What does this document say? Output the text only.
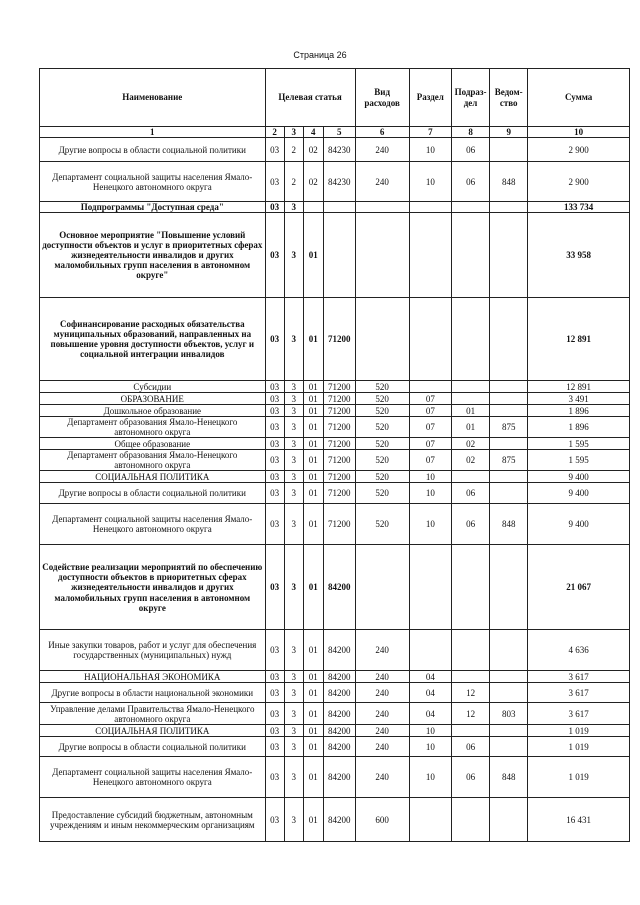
Страница 26
Наименование	Целевая статья				Вид расходов	Раздел	Подраз-дел	Ведом-ство	Сумма
1	2	3	4	5	6	7	8	9	10
Другие вопросы в области социальной политики	03	2	02	84230	240	10	06		2 900
Департамент социальной защиты населения Ямало-Ненецкого автономного округа	03	2	02	84230	240	10	06	848	2 900
Подпрограммы "Доступная среда"	03	3							133 734
Основное мероприятие "Повышение условий доступности объектов и услуг в приоритетных сферах жизнедеятельности инвалидов и других маломобильных групп населения в автономном округе"	03	3	01						33 958
Софинансирование расходных обязательства муниципальных образований, направленных на повышение уровня доступности объектов, услуг и социальной интеграции инвалидов	03	3	01	71200					12 891
Субсидии	03	3	01	71200	520				12 891
ОБРАЗОВАНИЕ	03	3	01	71200	520	07			3 491
Дошкольное образование	03	3	01	71200	520	07	01		1 896
Департамент образования Ямало-Ненецкого автономного округа	03	3	01	71200	520	07	01	875	1 896
Общее образование	03	3	01	71200	520	07	02		1 595
Департамент образования Ямало-Ненецкого автономного округа	03	3	01	71200	520	07	02	875	1 595
СОЦИАЛЬНАЯ ПОЛИТИКА	03	3	01	71200	520	10			9 400
Другие вопросы в области социальной политики	03	3	01	71200	520	10	06		9 400
Департамент социальной защиты населения Ямало-Ненецкого автономного округа	03	3	01	71200	520	10	06	848	9 400
Содействие реализации мероприятий по обеспечению доступности объектов в приоритетных сферах жизнедеятельности инвалидов и других маломобильных групп населения в автономном округе	03	3	01	84200					21 067
Иные закупки товаров, работ и услуг для обеспечения государственных (муниципальных) нужд	03	3	01	84200	240				4 636
НАЦИОНАЛЬНАЯ ЭКОНОМИКА	03	3	01	84200	240	04			3 617
Другие вопросы в области национальной экономики	03	3	01	84200	240	04	12		3 617
Управление делами Правительства Ямало-Ненецкого автономного округа	03	3	01	84200	240	04	12	803	3 617
СОЦИАЛЬНАЯ ПОЛИТИКА	03	3	01	84200	240	10			1 019
Другие вопросы в области социальной политики	03	3	01	84200	240	10	06		1 019
Департамент социальной защиты населения Ямало-Ненецкого автономного округа	03	3	01	84200	240	10	06	848	1 019
Предоставление субсидий бюджетным, автономным учреждениям и иным некоммерческим организациям	03	3	01	84200	600				16 431
